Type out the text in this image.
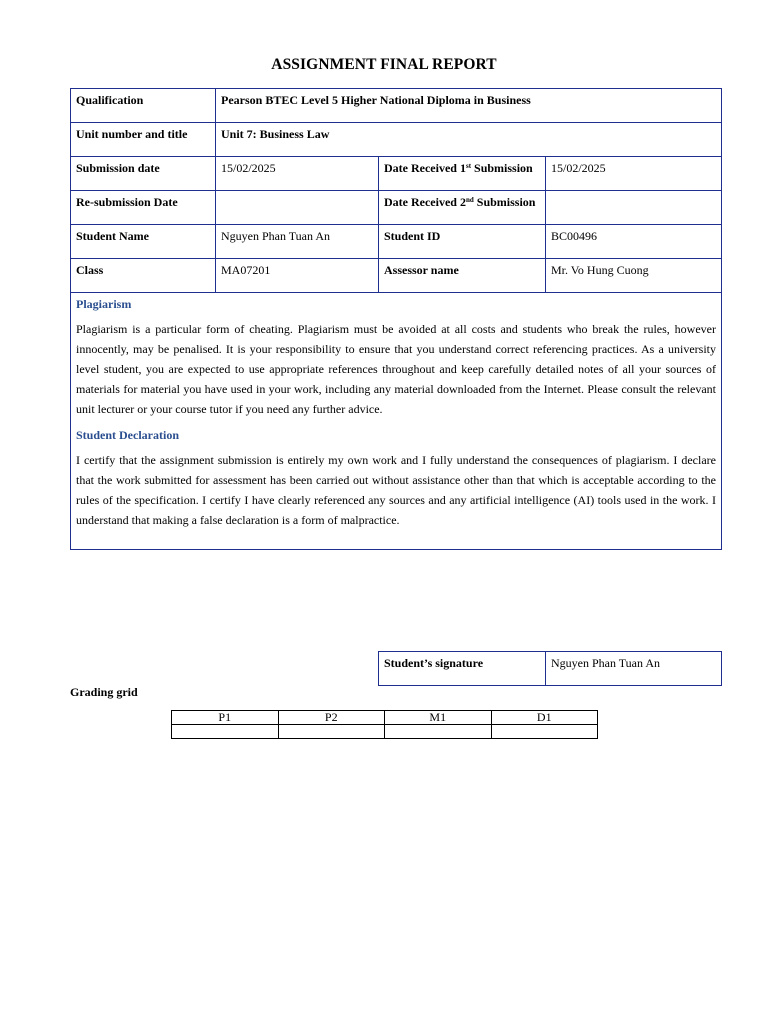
ASSIGNMENT FINAL REPORT
Qualification	Pearson BTEC Level 5 Higher National Diploma in Business		
Unit number and title	Unit 7: Business Law		
Submission date	15/02/2025	Date Received 1st Submission	15/02/2025
Re-submission Date		Date Received 2nd Submission	
Student Name	Nguyen Phan Tuan An	Student ID	BC00496
Class	MA07201	Assessor name	Mr. Vo Hung Cuong

Plagiarism

Plagiarism is a particular form of cheating. Plagiarism must be avoided at all costs and students who break the rules, however innocently, may be penalised. It is your responsibility to ensure that you understand correct referencing practices. As a university level student, you are expected to use appropriate references throughout and keep carefully detailed notes of all your sources of materials for material you have used in your work, including any material downloaded from the Internet. Please consult the relevant unit lecturer or your course tutor if you need any further advice.

Student Declaration

I certify that the assignment submission is entirely my own work and I fully understand the consequences of plagiarism. I declare that the work submitted for assessment has been carried out without assistance other than that which is acceptable according to the rules of the specification. I certify I have clearly referenced any sources and any artificial intelligence (AI) tools used in the work. I understand that making a false declaration is a form of malpractice.			

Student’s signature	Nguyen Phan Tuan An
Grading grid
P1	P2	M1	D1
